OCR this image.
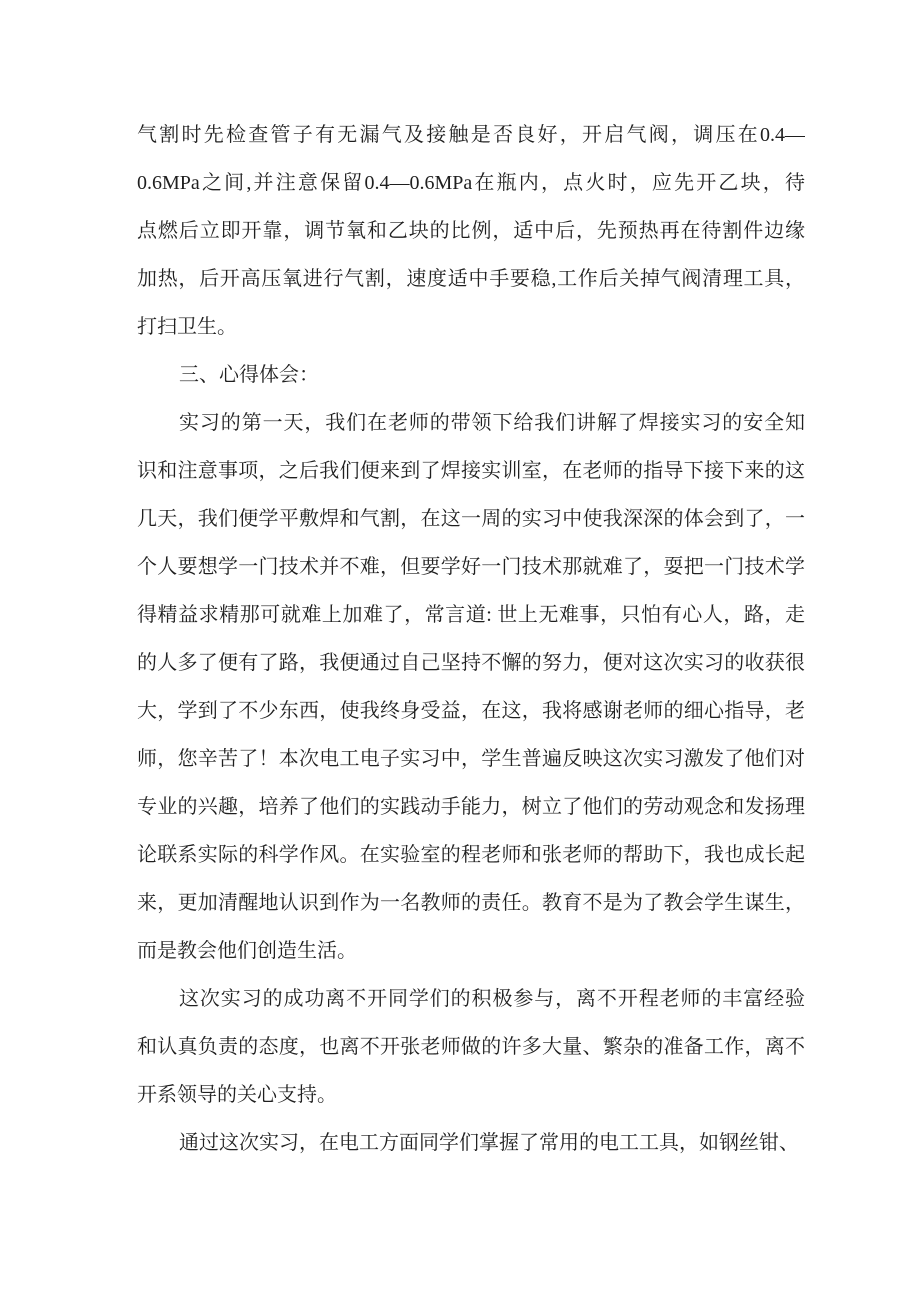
气割时先检查管子有无漏气及接触是否良好，开启气阀，调压在0.4—
0.6MPa之间,并注意保留0.4—0.6MPa在瓶内，点火时，应先开乙块，待
点燃后立即开靠，调节氧和乙块的比例，适中后，先预热再在待割件边缘
加热，后开高压氧进行气割，速度适中手要稳,工作后关掉气阀清理工具，
打扫卫生。
三、心得体会：
实习的第一天，我们在老师的带领下给我们讲解了焊接实习的安全知
识和注意事项，之后我们便来到了焊接实训室，在老师的指导下接下来的这
几天，我们便学平敷焊和气割，在这一周的实习中使我深深的体会到了，一
个人要想学一门技术并不难，但要学好一门技术那就难了，耍把一门技术学
得精益求精那可就难上加难了，常言道: 世上无难事，只怕有心人，路，走
的人多了便有了路，我便通过自己坚持不懈的努力，便对这次实习的收获很
大，学到了不少东西，使我终身受益，在这，我将感谢老师的细心指导，老
师，您辛苦了！本次电工电子实习中，学生普遍反映这次实习激发了他们对
专业的兴趣，培养了他们的实践动手能力，树立了他们的劳动观念和发扬理
论联系实际的科学作风。在实验室的程老师和张老师的帮助下，我也成长起
来，更加清醒地认识到作为一名教师的责任。教育不是为了教会学生谋生，
而是教会他们创造生活。
这次实习的成功离不开同学们的积极参与，离不开程老师的丰富经验
和认真负责的态度，也离不开张老师做的许多大量、繁杂的准备工作，离不
开系领导的关心支持。
通过这次实习，在电工方面同学们掌握了常用的电工工具，如钢丝钳、
